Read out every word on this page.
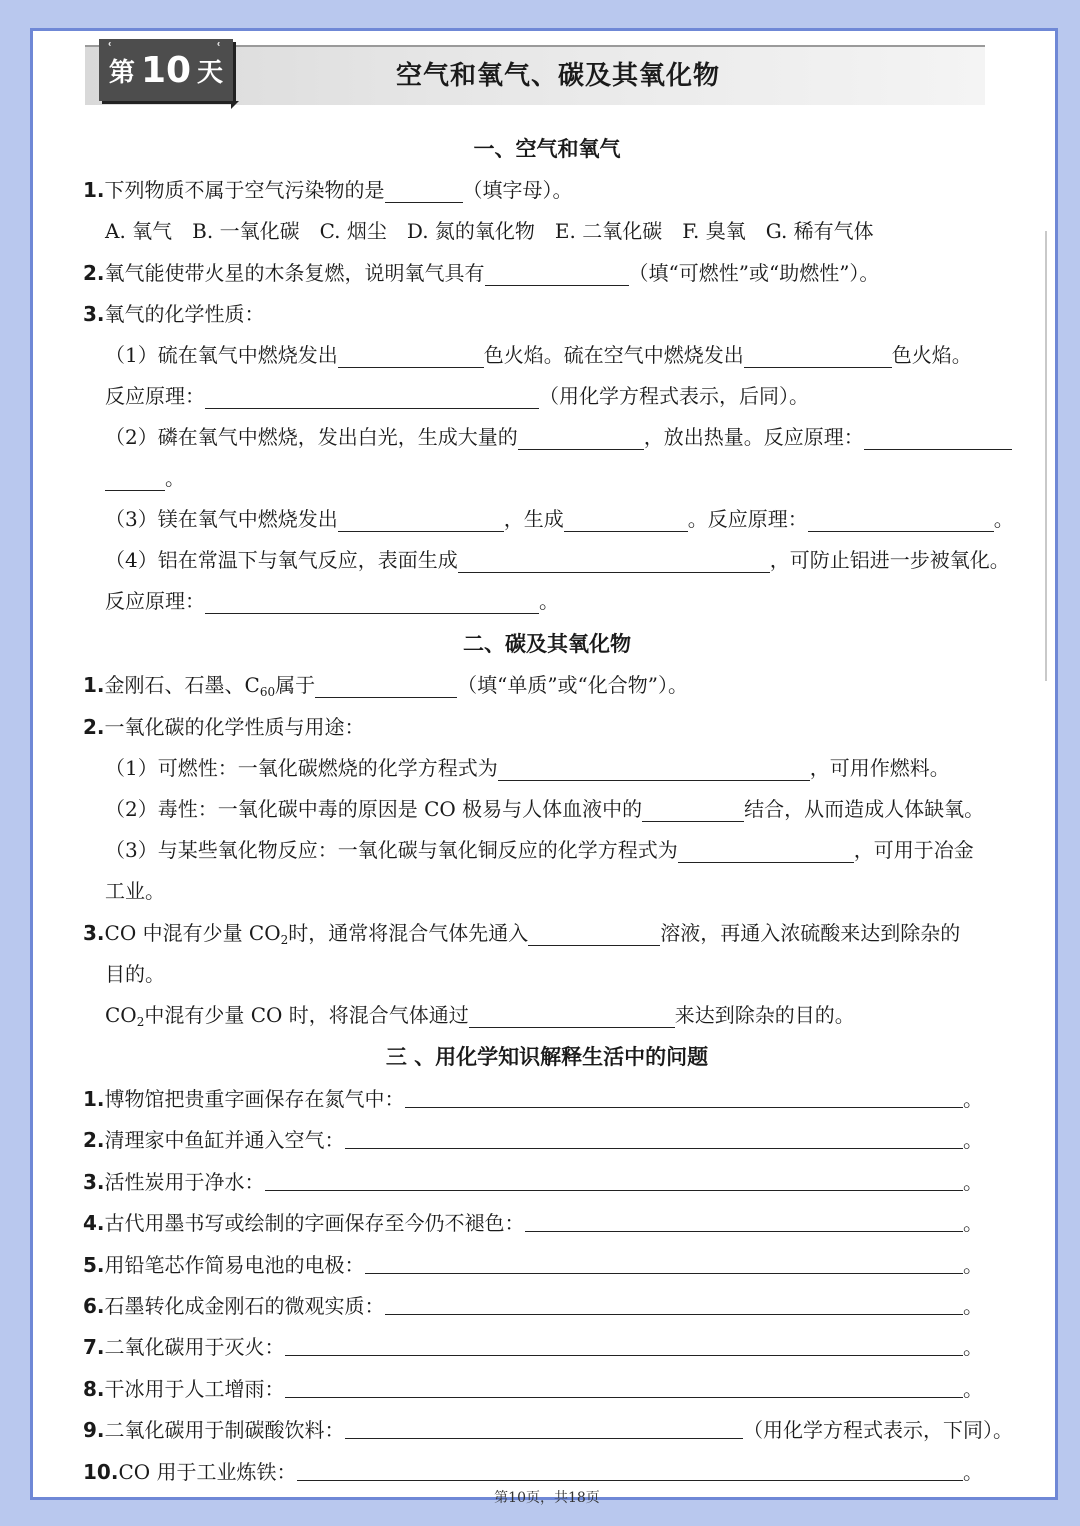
ʿ	ʿ
第 10 天	空气和氧气、碳及其氧化物
一、空气和氧气
1.下列物质不属于空气污染物的是	（填字母）。
A. 氧气　B. 一氧化碳　C. 烟尘　D. 氮的氧化物　E. 二氧化碳　F. 臭氧　G. 稀有气体
2.氧气能使带火星的木条复燃，说明氧气具有	（填“可燃性”或“助燃性”）。
3.氧气的化学性质：
（1）硫在氧气中燃烧发出	色火焰。硫在空气中燃烧发出	色火焰。
反应原理：	（用化学方程式表示，后同）。
（2）磷在氧气中燃烧，发出白光，生成大量的	，放出热量。反应原理：
。
（3）镁在氧气中燃烧发出	，生成	。反应原理：	。
（4）铝在常温下与氧气反应，表面生成	，可防止铝进一步被氧化。
反应原理：	。
二、碳及其氧化物
1.金刚石、石墨、$C_{60}$属于	（填“单质”或“化合物”）。
2.一氧化碳的化学性质与用途：
（1）可燃性：一氧化碳燃烧的化学方程式为	，可用作燃料。
（2）毒性：一氧化碳中毒的原因是 CO 极易与人体血液中的	结合，从而造成人体缺氧。
（3）与某些氧化物反应：一氧化碳与氧化铜反应的化学方程式为	，可用于冶金
工业。
3.CO 中混有少量 $CO_2$时，通常将混合气体先通入	溶液，再通入浓硫酸来达到除杂的
目的。
$CO_2$中混有少量 CO 时，将混合气体通过	来达到除杂的目的。
三 、用化学知识解释生活中的问题
1. 博物馆把贵重字画保存在氮气中：	。
2. 清理家中鱼缸并通入空气：	。
3. 活性炭用于净水：	。
4. 古代用墨书写或绘制的字画保存至今仍不褪色：	。
5. 用铅笔芯作简易电池的电极：	。
6. 石墨转化成金刚石的微观实质：	。
7. 二氧化碳用于灭火：	。
8. 干冰用于人工增雨：	。
9. 二氧化碳用于制碳酸饮料：	（用化学方程式表示，下同）。
10. CO 用于工业炼铁：	。
第10页，共18页
